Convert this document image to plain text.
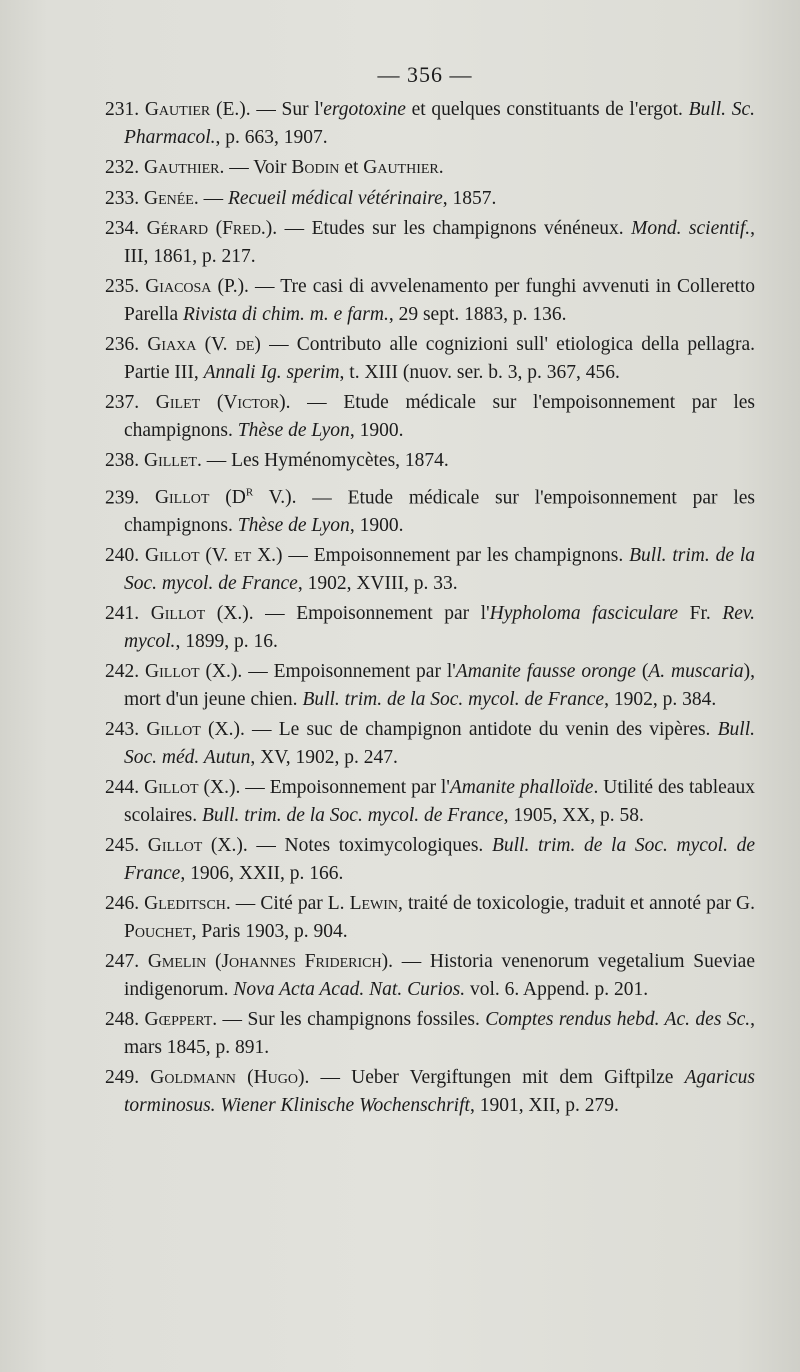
— 356 —
231. Gautier (E.). — Sur l'ergotoxine et quelques constituants de l'ergot. Bull. Sc. Pharmacol., p. 663, 1907.
232. Gauthier. — Voir Bodin et Gauthier.
233. Genée. — Recueil médical vétérinaire, 1857.
234. Gérard (Fred.). — Etudes sur les champignons vénéneux. Mond. scientif., III, 1861, p. 217.
235. Giacosa (P.). — Tre casi di avvelenamento per funghi avvenuti in Colleretto Parella Rivista di chim. m. e farm., 29 sept. 1883, p. 136.
236. Giaxa (V. de) — Contributo alle cognizioni sull' etiologica della pellagra. Partie III, Annali Ig. sperim, t. XIII (nuov. ser. b. 3, p. 367, 456.
237. Gilet (Victor). — Etude médicale sur l'empoisonnement par les champignons. Thèse de Lyon, 1900.
238. Gillet. — Les Hyménomycètes, 1874.
239. Gillot ($D^r$ V.). — Etude médicale sur l'empoisonnement par les champignons. Thèse de Lyon, 1900.
240. Gillot (V. et X.) — Empoisonnement par les champignons. Bull. trim. de la Soc. mycol. de France, 1902, XVIII, p. 33.
241. Gillot (X.). — Empoisonnement par l'Hypholoma fasciculare Fr. Rev. mycol., 1899, p. 16.
242. Gillot (X.). — Empoisonnement par l'Amanite fausse oronge (A. muscaria), mort d'un jeune chien. Bull. trim. de la Soc. mycol. de France, 1902, p. 384.
243. Gillot (X.). — Le suc de champignon antidote du venin des vipères. Bull. Soc. méd. Autun, XV, 1902, p. 247.
244. Gillot (X.). — Empoisonnement par l'Amanite phalloïde. Utilité des tableaux scolaires. Bull. trim. de la Soc. mycol. de France, 1905, XX, p. 58.
245. Gillot (X.). — Notes toximycologiques. Bull. trim. de la Soc. mycol. de France, 1906, XXII, p. 166.
246. Gleditsch. — Cité par L. Lewin, traité de toxicologie, traduit et annoté par G. Pouchet, Paris 1903, p. 904.
247. Gmelin (Johannes Friderich). — Historia venenorum vegetalium Sueviae indigenorum. Nova Acta Acad. Nat. Curios. vol. 6. Append. p. 201.
248. Gœppert. — Sur les champignons fossiles. Comptes rendus hebd. Ac. des Sc., mars 1845, p. 891.
249. Goldmann (Hugo). — Ueber Vergiftungen mit dem Giftpilze Agaricus torminosus. Wiener Klinische Wochenschrift, 1901, XII, p. 279.
